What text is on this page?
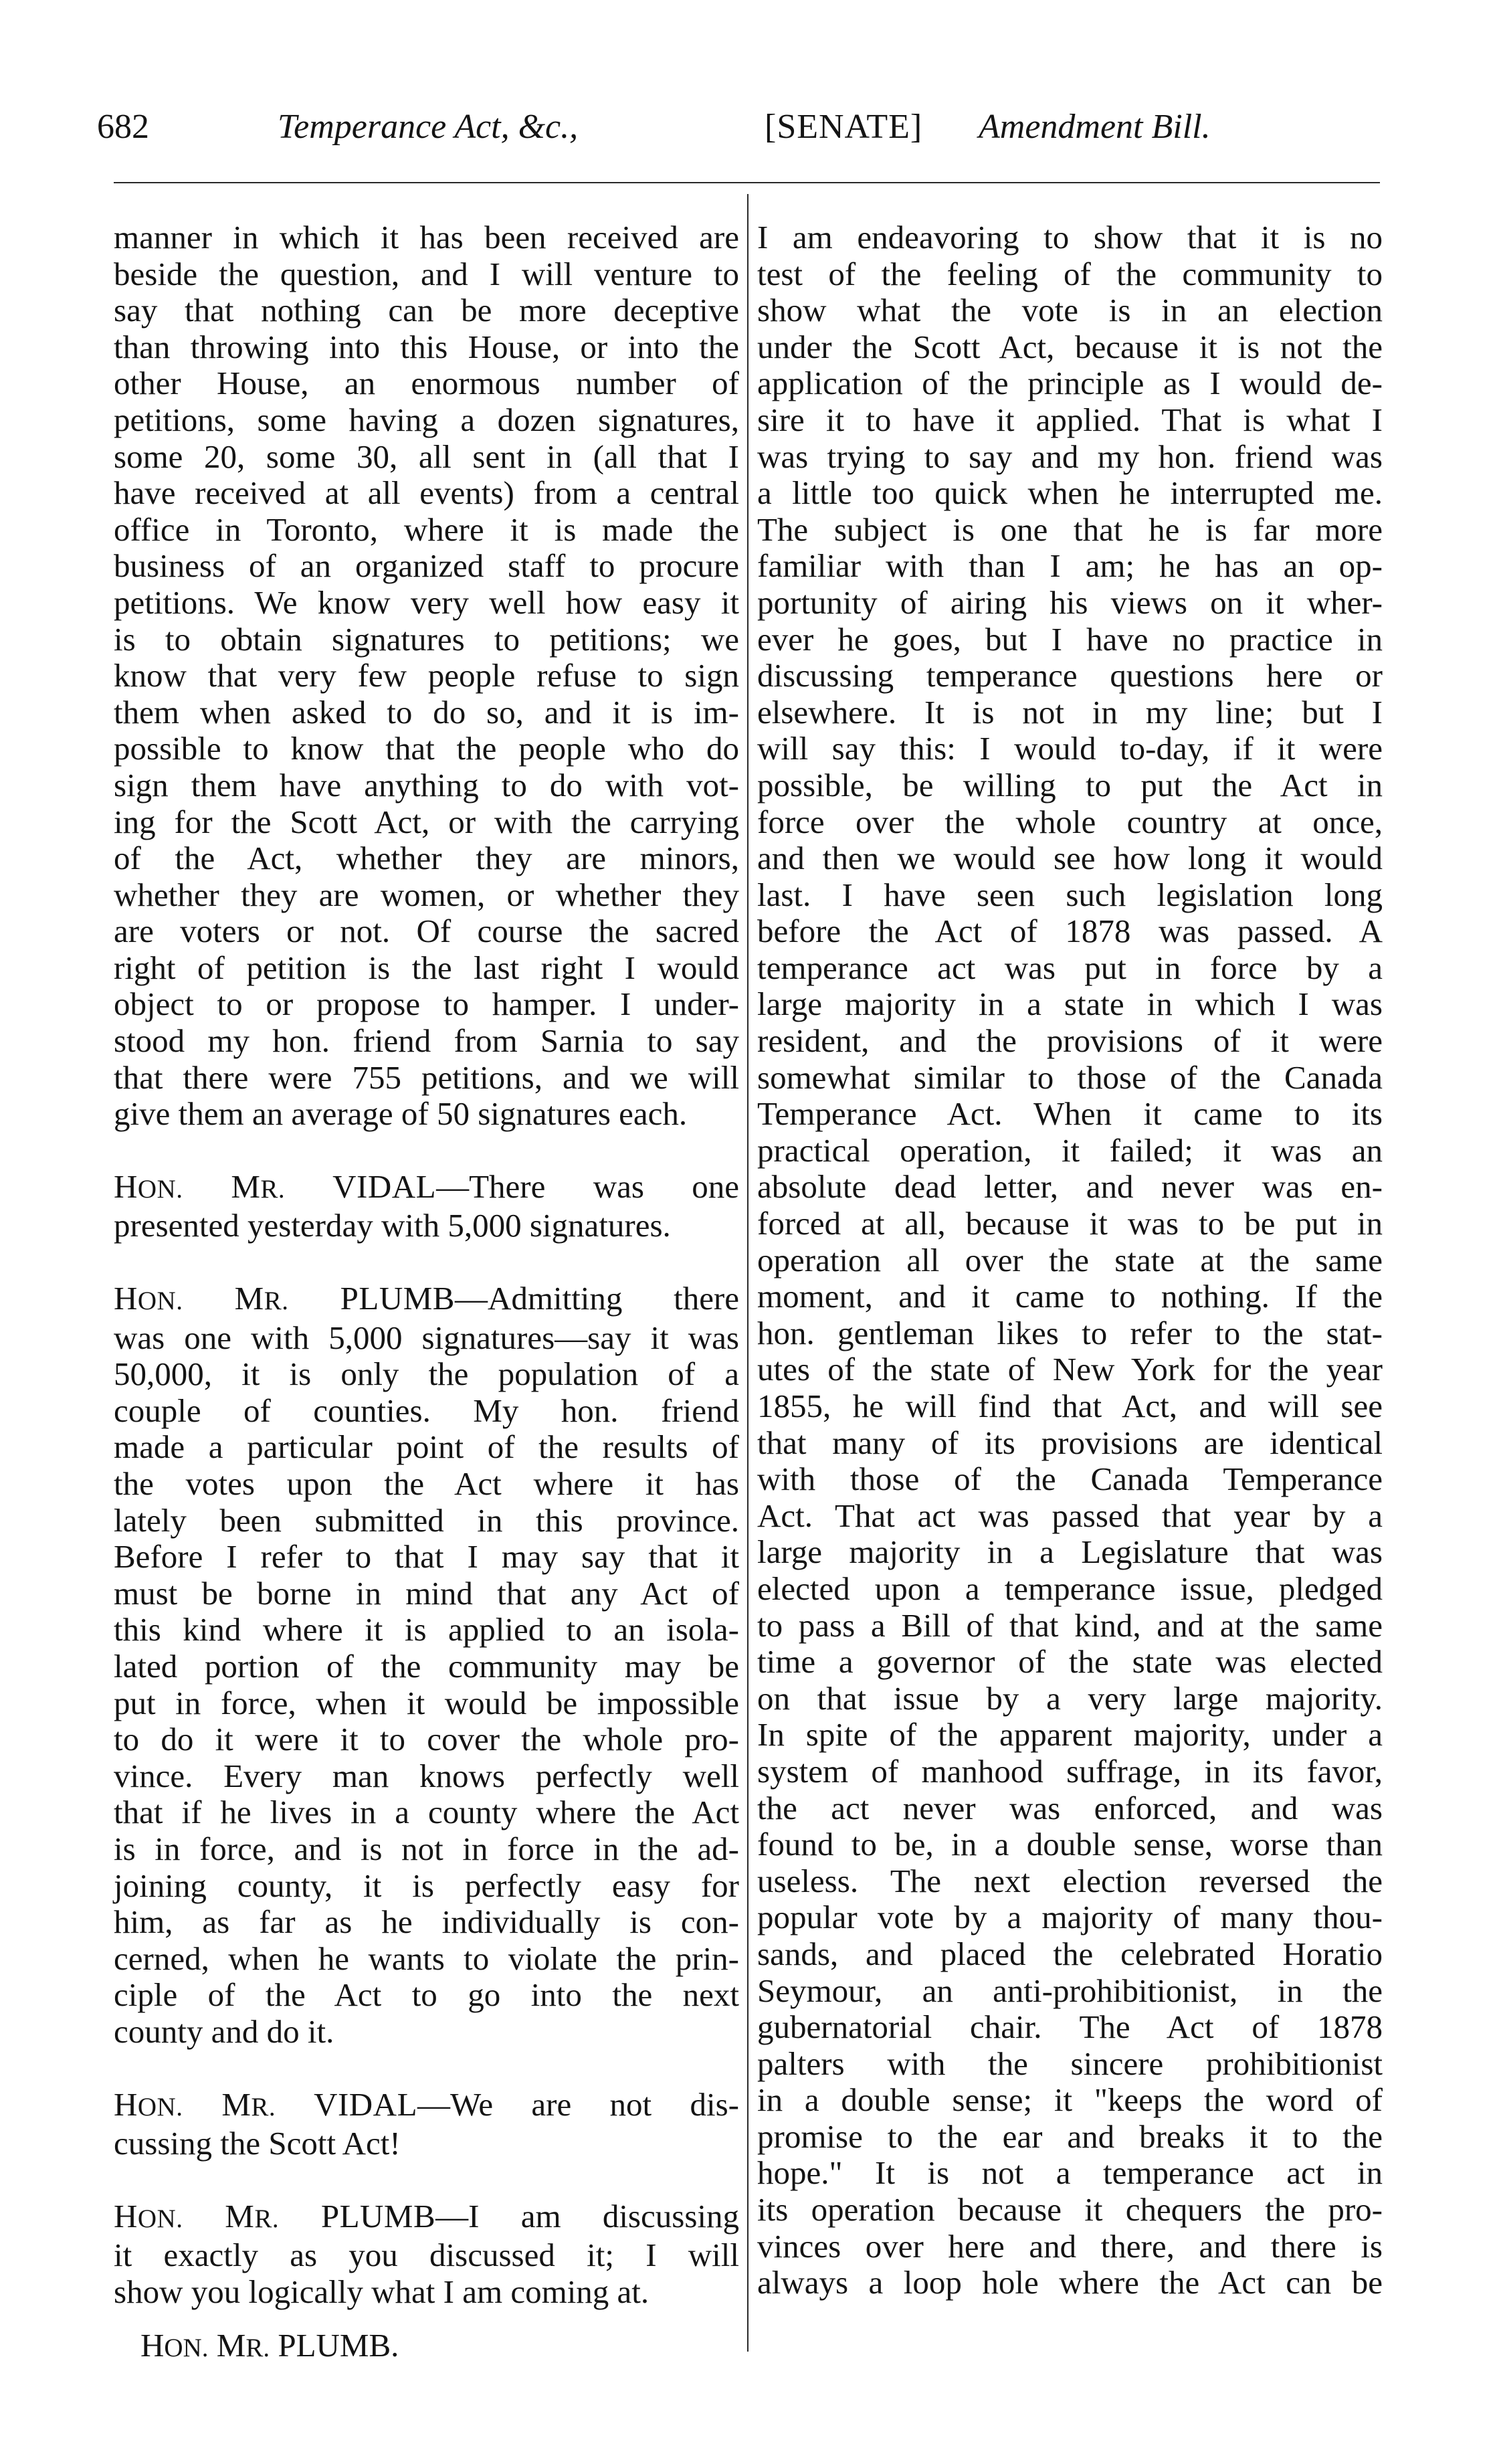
682	Temperance Act, &c.,	[SENATE] Amendment Bill.

manner in which it has been received are

beside the question, and I will venture to

say that nothing can be more deceptive

than throwing into this House, or into the

other House, an enormous number of

petitions, some having a dozen signatures,

some 20, some 30, all sent in (all that I

have received at all events) from a central

office in Toronto, where it is made the

business of an organized staff to procure

petitions. We know very well how easy it

is to obtain signatures to petitions; we

know that very few people refuse to sign

them when asked to do so, and it is im-

possible to know that the people who do

sign them have anything to do with vot-

ing for the Scott Act, or with the carrying

of the Act, whether they are minors,

whether they are women, or whether they

are voters or not. Of course the sacred

right of petition is the last right I would

object to or propose to hamper. I under-

stood my hon. friend from Sarnia to say

that there were 755 petitions, and we will

give them an average of 50 signatures each.

HON. MR. VIDAL—There was one

presented yesterday with 5,000 signatures.

HON. MR. PLUMB—Admitting there

was one with 5,000 signatures—say it was

50,000, it is only the population of a

couple of counties. My hon. friend

made a particular point of the results of

the votes upon the Act where it has

lately been submitted in this province.

Before I refer to that I may say that it

must be borne in mind that any Act of

this kind where it is applied to an isola-

lated portion of the community may be

put in force, when it would be impossible

to do it were it to cover the whole pro-

vince. Every man knows perfectly well

that if he lives in a county where the Act

is in force, and is not in force in the ad-

joining county, it is perfectly easy for

him, as far as he individually is con-

cerned, when he wants to violate the prin-

ciple of the Act to go into the next

county and do it.

HON. MR. VIDAL—We are not dis-

cussing the Scott Act!

HON. MR. PLUMB—I am discussing

it exactly as you discussed it; I will

show you logically what I am coming at.

I am endeavoring to show that it is no

test of the feeling of the community to

show what the vote is in an election

under the Scott Act, because it is not the

application of the principle as I would de-

sire it to have it applied. That is what I

was trying to say and my hon. friend was

a little too quick when he interrupted me.

The subject is one that he is far more

familiar with than I am; he has an op-

portunity of airing his views on it wher-

ever he goes, but I have no practice in

discussing temperance questions here or

elsewhere. It is not in my line; but I

will say this: I would to-day, if it were

possible, be willing to put the Act in

force over the whole country at once,

and then we would see how long it would

last. I have seen such legislation long

before the Act of 1878 was passed. A

temperance act was put in force by a

large majority in a state in which I was

resident, and the provisions of it were

somewhat similar to those of the Canada

Temperance Act. When it came to its

practical operation, it failed; it was an

absolute dead letter, and never was en-

forced at all, because it was to be put in

operation all over the state at the same

moment, and it came to nothing. If the

hon. gentleman likes to refer to the stat-

utes of the state of New York for the year

1855, he will find that Act, and will see

that many of its provisions are identical

with those of the Canada Temperance

Act. That act was passed that year by a

large majority in a Legislature that was

elected upon a temperance issue, pledged

to pass a Bill of that kind, and at the same

time a governor of the state was elected

on that issue by a very large majority.

In spite of the apparent majority, under a

system of manhood suffrage, in its favor,

the act never was enforced, and was

found to be, in a double sense, worse than

useless. The next election reversed the

popular vote by a majority of many thou-

sands, and placed the celebrated Horatio

Seymour, an anti-prohibitionist, in the

gubernatorial chair. The Act of 1878

palters with the sincere prohibitionist

in a double sense; it "keeps the word of

promise to the ear and breaks it to the

hope." It is not a temperance act in

its operation because it chequers the pro-

vinces over here and there, and there is

always a loop hole where the Act can be

HON. MR. PLUMB.
